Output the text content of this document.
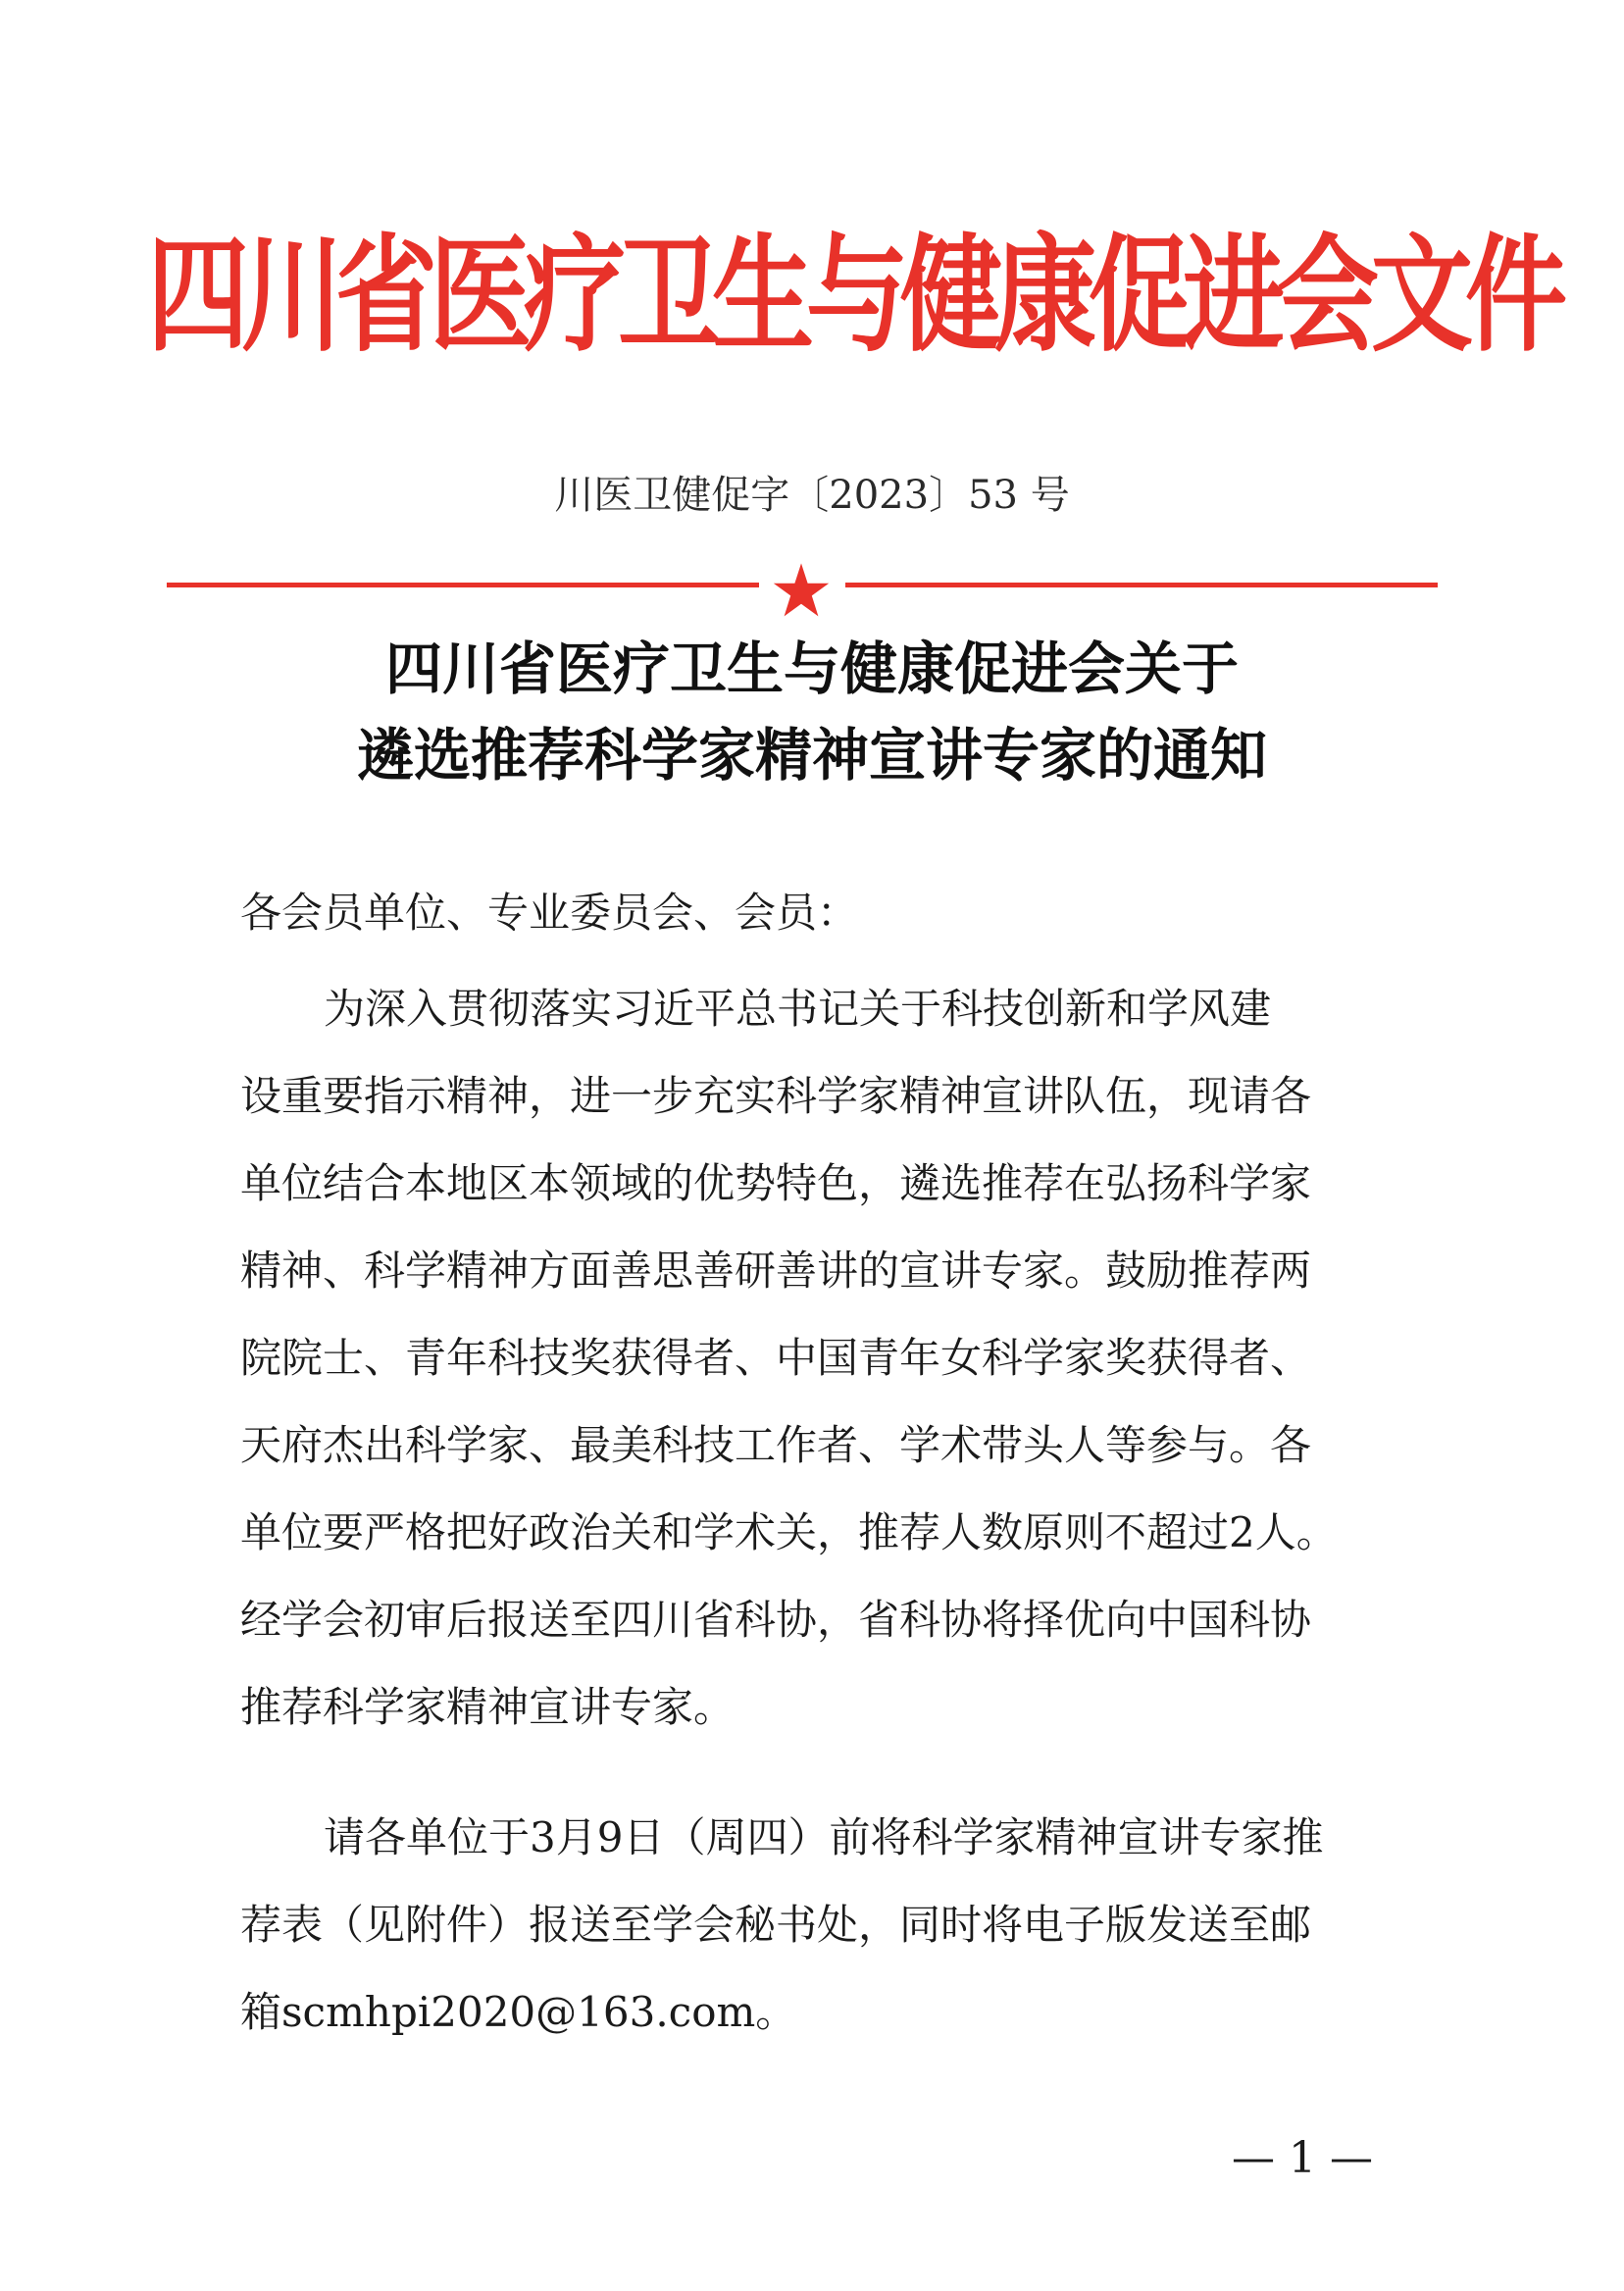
四川省医疗卫生与健康促进会文件
川医卫健促字〔2023〕53 号
四川省医疗卫生与健康促进会关于
遴选推荐科学家精神宣讲专家的通知
各会员单位、专业委员会、会员：
为深入贯彻落实习近平总书记关于科技创新和学风建
设重要指示精神，进一步充实科学家精神宣讲队伍，现请各
单位结合本地区本领域的优势特色，遴选推荐在弘扬科学家
精神、科学精神方面善思善研善讲的宣讲专家。鼓励推荐两
院院士、青年科技奖获得者、中国青年女科学家奖获得者、
天府杰出科学家、最美科技工作者、学术带头人等参与。各
单位要严格把好政治关和学术关，推荐人数原则不超过2人。
经学会初审后报送至四川省科协，省科协将择优向中国科协
推荐科学家精神宣讲专家。
请各单位于3月9日（周四）前将科学家精神宣讲专家推
荐表（见附件）报送至学会秘书处，同时将电子版发送至邮
箱scmhpi2020@163.com。
— 1 —
